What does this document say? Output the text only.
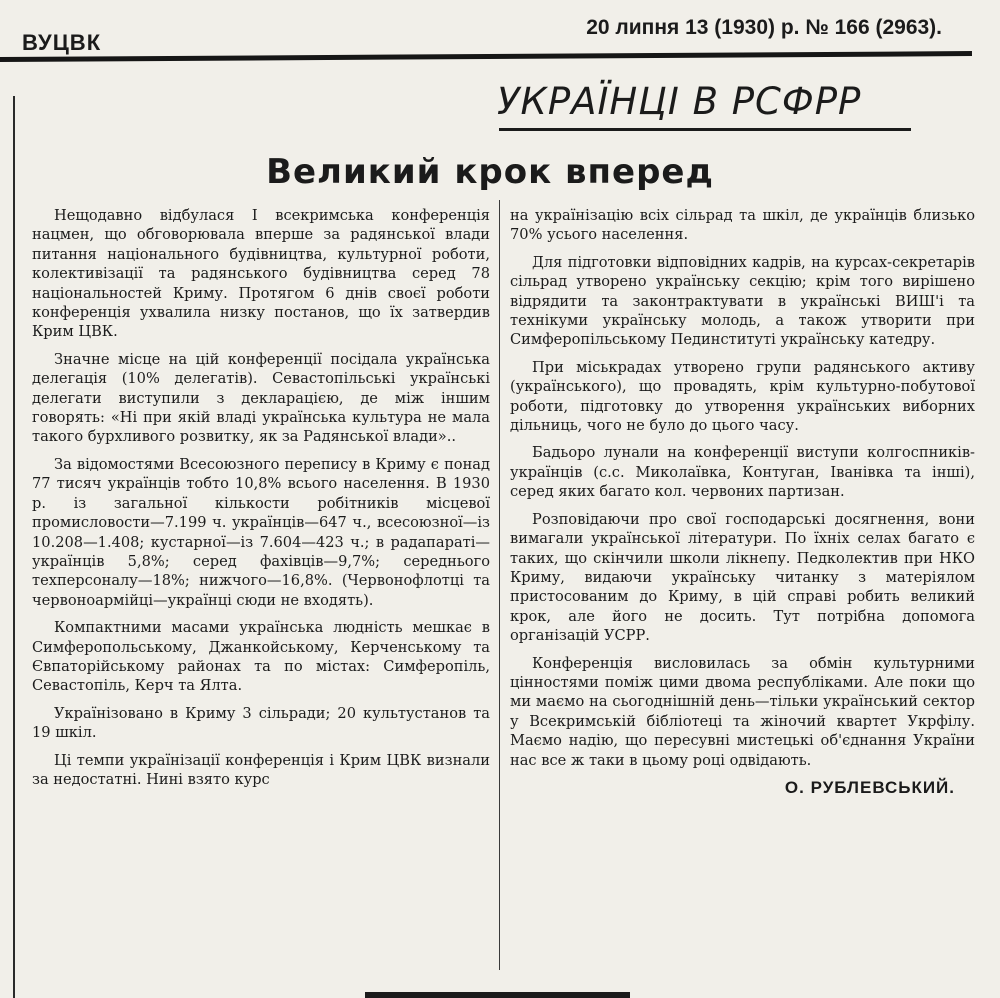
ВУЦВК
20 липня 13 (1930) р. № 166 (2963).
УКРАЇНЦІ В РСФРР
Великий крок вперед

Нещодавно відбулася І всекримська конференція нацмен, що обговорювала вперше за радянської влади питання національного будівництва, культурної роботи, колективізації та радянського будівництва серед 78 національностей Криму. Протягом 6 днів своєї роботи конференція ухвалила низку постанов, що їх затвердив Крим ЦВК.

Значне місце на цій конференції посідала українська делегація (10% делегатів). Севастопільські українські делегати виступили з декларацією, де між іншим говорять: «Ні при якій владі українська культура не мала такого бурхливого розвитку, як за Радянської влади»..

За відомостями Всесоюзного перепису в Криму є понад 77 тисяч українців тобто 10,8% всього населення. В 1930 р. із загальної кількости робітників місцевої промисловости—7.199 ч. українців—647 ч., всесоюзної—із 10.208—1.408; кустарної—із 7.604—423 ч.; в радапараті—українців 5,8%; серед фахівців—9,7%; середнього техперсоналу—18%; нижчого—16,8%. (Червонофлотці та червоноармійці—українці сюди не входять).

Компактними масами українська людність мешкає в Симферопольському, Джанкойському, Керченському та Євпаторійському районах та по містах: Симферопіль, Севастопіль, Керч та Ялта.

Українізовано в Криму 3 сільради; 20 культустанов та 19 шкіл.

Ці темпи українізації конференція і Крим ЦВК визнали за недостатні. Нині взято курс

на українізацію всіх сільрад та шкіл, де українців близько 70% усього населення.

Для підготовки відповідних кадрів, на курсах-секретарів сільрад утворено українську секцію; крім того вирішено відрядити та законтрактувати в українські ВИШ'і та технікуми українську молодь, а також утворити при Симферопільському Пединституті українську катедру.

При міськрадах утворено групи радянського активу (українського), що провадять, крім культурно-побутової роботи, підготовку до утворення українських виборних дільниць, чого не було до цього часу.

Бадьоро лунали на конференції виступи колгоспників-українців (с.с. Миколаївка, Контуган, Іванівка та інші), серед яких багато кол. червоних партизан.

Розповідаючи про свої господарські досягнення, вони вимагали української літератури. По їхніх селах багато є таких, що скінчили школи лікнепу. Педколектив при НКО Криму, видаючи українську читанку з матеріялом пристосованим до Криму, в цій справі робить великий крок, але його не досить. Тут потрібна допомога організацій УСРР.

Конференція висловилась за обмін культурними цінностями поміж цими двома республіками. Але поки що ми маємо на сьогоднішній день—тільки український сектор у Всекримській бібліотеці та жіночий квартет Укрфілу. Маємо надію, що пересувні мистецькі об'єднання України нас все ж таки в цьому році одвідають.

О. РУБЛЕВСЬКИЙ.
